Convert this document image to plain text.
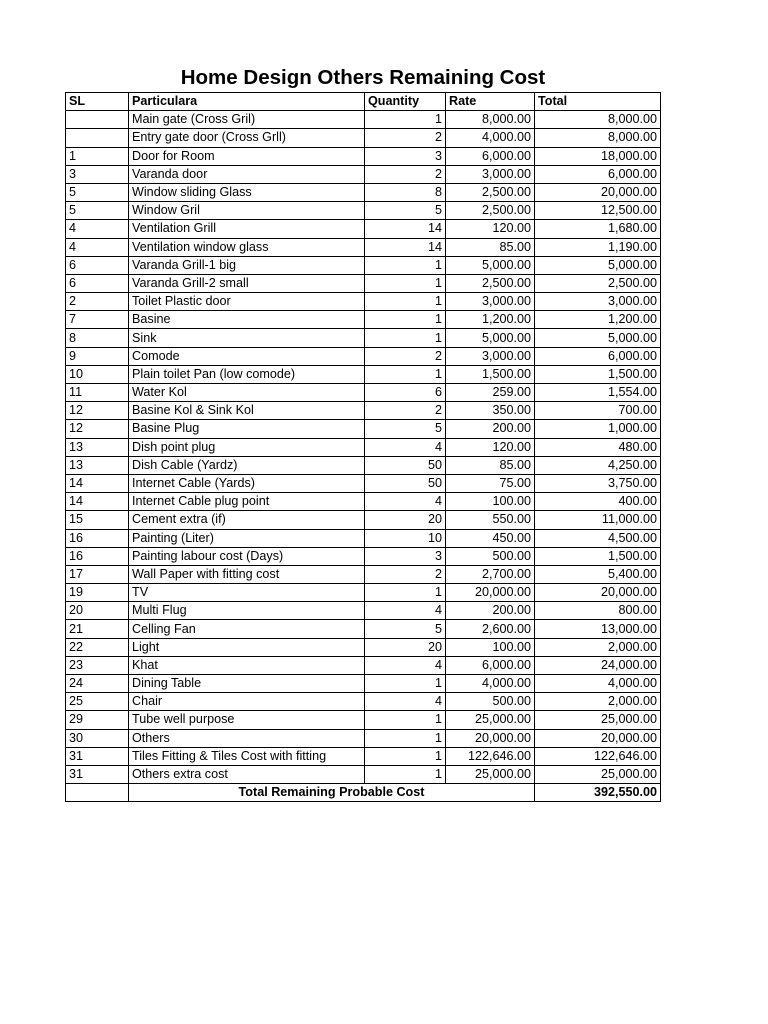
Home Design Others Remaining Cost
SL	Particulara	Quantity	Rate	Total
	Main gate (Cross Gril)	1	8,000.00	8,000.00
	Entry gate door (Cross Grll)	2	4,000.00	8,000.00
1	Door for Room	3	6,000.00	18,000.00
3	Varanda door	2	3,000.00	6,000.00
5	Window sliding Glass	8	2,500.00	20,000.00
5	Window Gril	5	2,500.00	12,500.00
4	Ventilation Grill	14	120.00	1,680.00
4	Ventilation window glass	14	85.00	1,190.00
6	Varanda Grill-1 big	1	5,000.00	5,000.00
6	Varanda Grill-2 small	1	2,500.00	2,500.00
2	Toilet Plastic door	1	3,000.00	3,000.00
7	Basine	1	1,200.00	1,200.00
8	Sink	1	5,000.00	5,000.00
9	Comode	2	3,000.00	6,000.00
10	Plain toilet Pan (low comode)	1	1,500.00	1,500.00
11	Water Kol	6	259.00	1,554.00
12	Basine Kol & Sink Kol	2	350.00	700.00
12	Basine Plug	5	200.00	1,000.00
13	Dish point plug	4	120.00	480.00
13	Dish Cable (Yardz)	50	85.00	4,250.00
14	Internet Cable (Yards)	50	75.00	3,750.00
14	Internet Cable plug point	4	100.00	400.00
15	Cement extra (if)	20	550.00	11,000.00
16	Painting (Liter)	10	450.00	4,500.00
16	Painting labour cost (Days)	3	500.00	1,500.00
17	Wall Paper with fitting cost	2	2,700.00	5,400.00
19	TV	1	20,000.00	20,000.00
20	Multi Flug	4	200.00	800.00
21	Celling Fan	5	2,600.00	13,000.00
22	Light	20	100.00	2,000.00
23	Khat	4	6,000.00	24,000.00
24	Dining Table	1	4,000.00	4,000.00
25	Chair	4	500.00	2,000.00
29	Tube well purpose	1	25,000.00	25,000.00
30	Others	1	20,000.00	20,000.00
31	Tiles Fitting & Tiles Cost with fitting	1	122,646.00	122,646.00
31	Others extra cost	1	25,000.00	25,000.00
	Total Remaining Probable Cost			392,550.00
